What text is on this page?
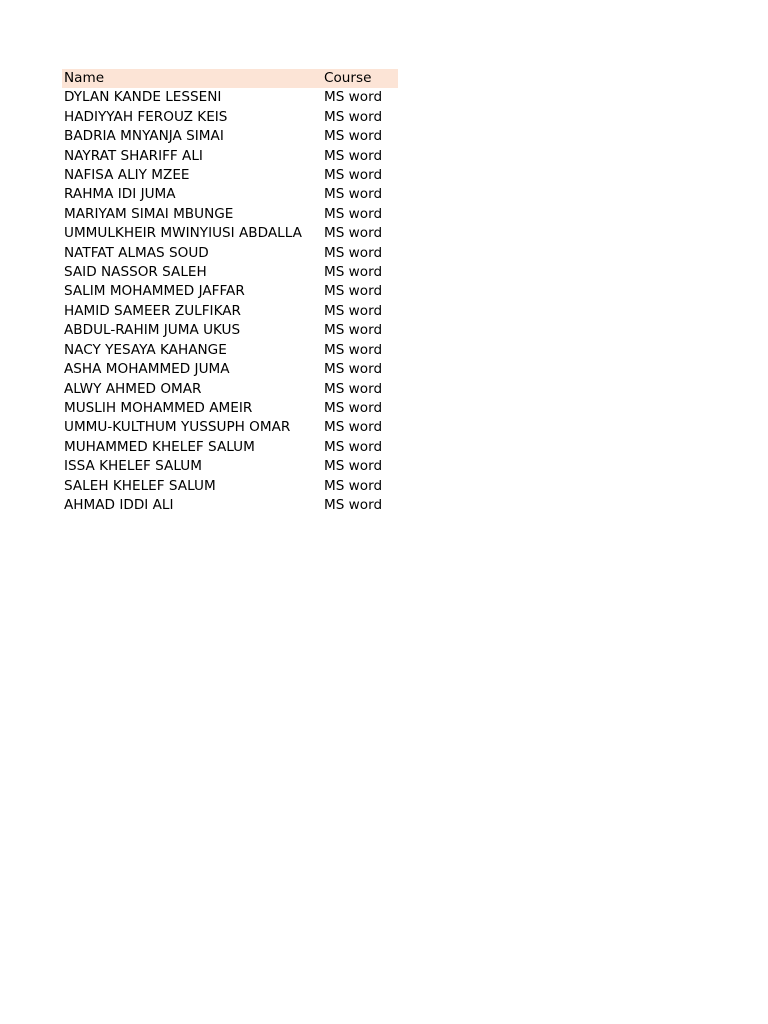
Name	Course
DYLAN KANDE LESSENI	MS word
HADIYYAH FEROUZ KEIS	MS word
BADRIA MNYANJA SIMAI	MS word
NAYRAT SHARIFF ALI	MS word
NAFISA ALIY MZEE	MS word
RAHMA IDI JUMA	MS word
MARIYAM SIMAI MBUNGE	MS word
UMMULKHEIR MWINYIUSI ABDALLA	MS word
NATFAT ALMAS SOUD	MS word
SAID NASSOR SALEH	MS word
SALIM MOHAMMED JAFFAR	MS word
HAMID SAMEER ZULFIKAR	MS word
ABDUL-RAHIM JUMA UKUS	MS word
NACY YESAYA KAHANGE	MS word
ASHA MOHAMMED JUMA	MS word
ALWY AHMED OMAR	MS word
MUSLIH MOHAMMED AMEIR	MS word
UMMU-KULTHUM YUSSUPH OMAR	MS word
MUHAMMED KHELEF SALUM	MS word
ISSA KHELEF SALUM	MS word
SALEH KHELEF SALUM	MS word
AHMAD IDDI ALI	MS word
